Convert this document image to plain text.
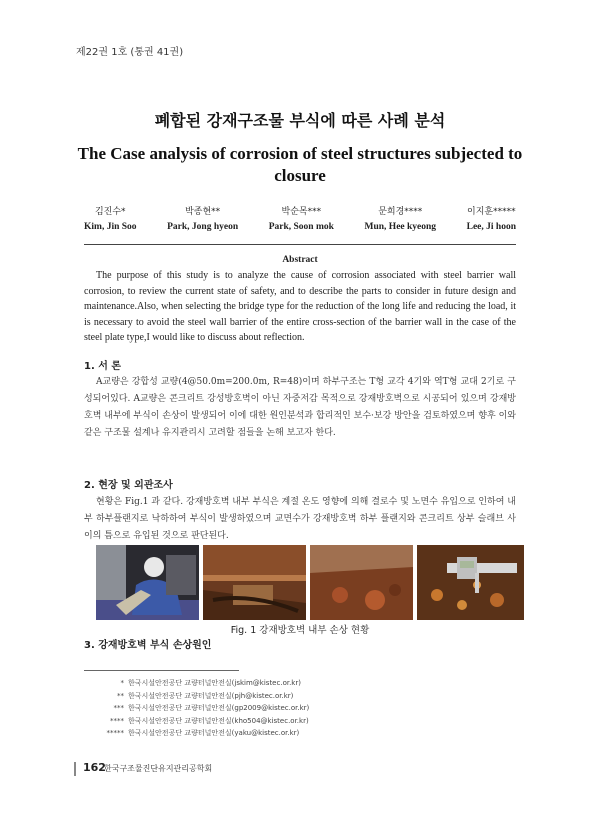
제22권 1호 (통권 41권)
폐합된 강재구조물 부식에 따른 사례 분석
The Case analysis of corrosion of steel structures subjected to closure
김진수*
Kim, Jin Soo
박종현**
Park, Jong hyeon
박순목***
Park, Soon mok
문희경****
Mun, Hee kyeong
이지훈*****
Lee, Ji hoon
Abstract
The purpose of this study is to analyze the cause of corrosion associated with steel barrier wall corrosion, to review the current state of safety, and to describe the parts to consider in future design and maintenance.Also, when selecting the bridge type for the reduction of the long life and reducing the load, it is necessary to avoid the steel wall barrier of the entire cross-section of the barrier wall in the case of the steel plate type,I would like to discuss about reflection.
1. 서 론
A교량은 강합성 교량(4@50.0m=200.0m, R=48)이며 하부구조는 T형 교각 4기와 역T형 교대 2기로 구성되어있다. A교량은 콘크리트 강성방호벽이 아닌 자중저감 목적으로 강재방호벽으로 시공되어 있으며 강재방호벽 내부에 부식이 손상이 발생되어 이에 대한 원인분석과 합리적인 보수·보강 방안을 검토하였으며 향후 이와 같은 구조물 설계나 유지관리시 고려할 점들을 논해 보고자 한다.
2. 현장 및 외관조사
현황은 Fig.1 과 같다. 강재방호벽 내부 부식은 계절 온도 영향에 의해 결로수 및 노면수 유입으로 인하여 내부 하부플랜지로 낙하하여 부식이 발생하였으며 교면수가 강재방호벽 하부 플랜지와 콘크리트 상부 슬래브 사이의 틈으로 유입된 것으로 판단된다.
Fig. 1 강재방호벽 내부 손상 현황
3. 강재방호벽 부식 손상원인
* 한국시설안전공단 교량터널안전실(jskim@kistec.or.kr)
** 한국시설안전공단 교량터널안전실(pjh@kistec.or.kr)
*** 한국시설안전공단 교량터널안전실(gp2009@kistec.or.kr)
**** 한국시설안전공단 교량터널안전실(kho504@kistec.or.kr)
***** 한국시설안전공단 교량터널안전실(yaku@kistec.or.kr)
162
한국구조물진단유지관리공학회
